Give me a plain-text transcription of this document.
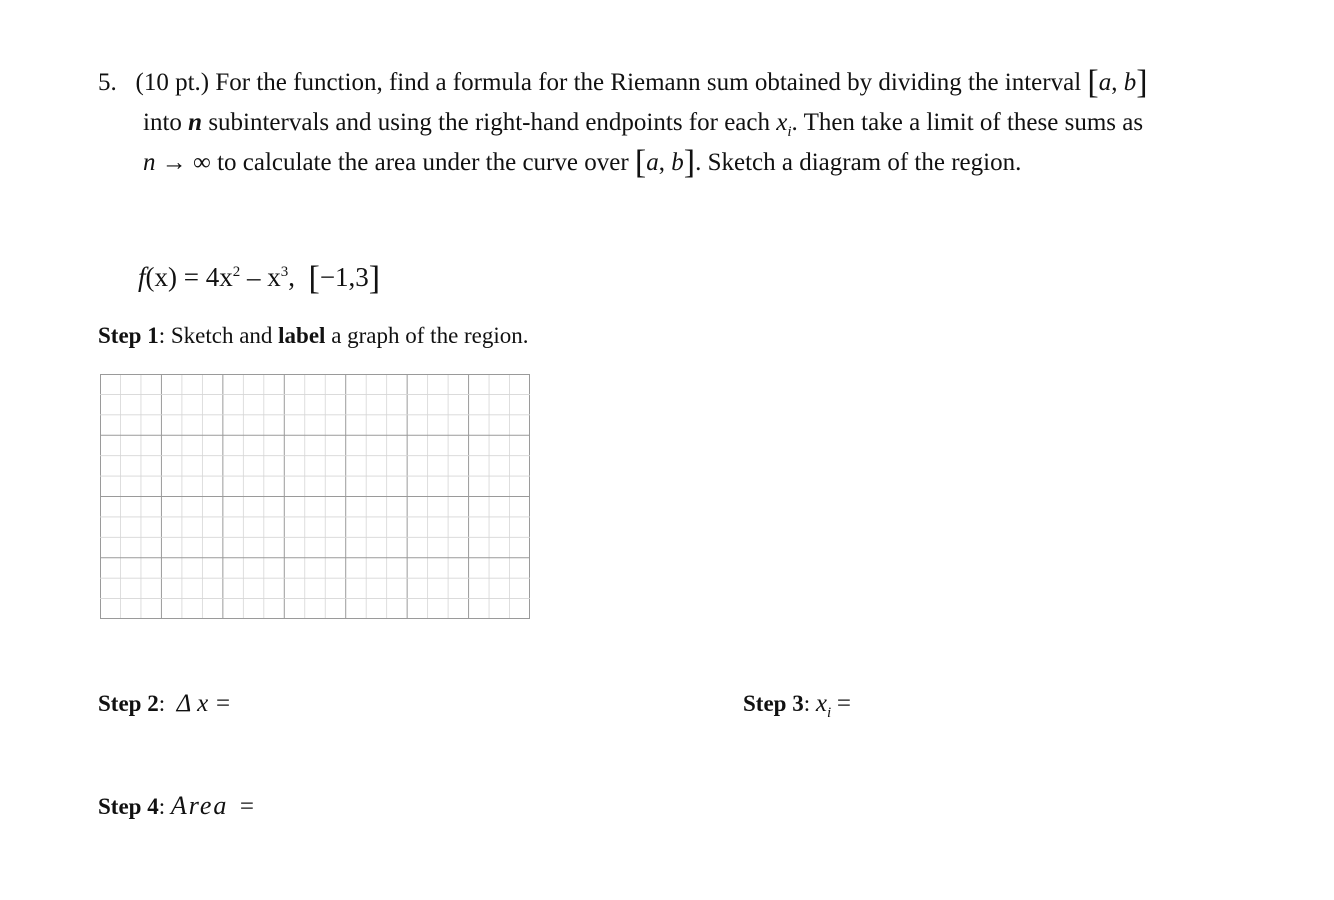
5. (10 pt.) For the function, find a formula for the Riemann sum obtained by dividing the interval [a, b]
into n subintervals and using the right-hand endpoints for each $x_i$. Then take a limit of these sums as
n → ∞ to calculate the area under the curve over [a, b]. Sketch a diagram of the region.
$f(x) = 4x^2 - x^3$, [−1,3]
Step 1: Sketch and label a graph of the region.
Step 2: Δ x =	Step 3: $x_i$ =
Step 4: Area =
